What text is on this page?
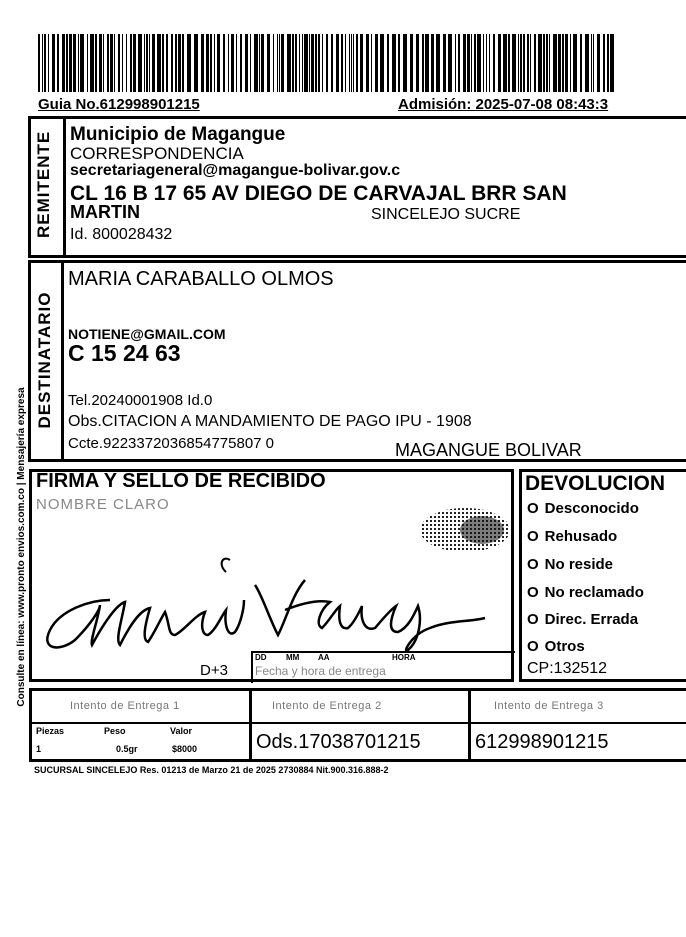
Guia No.612998901215	Admisión: 2025-07-08 08:43:3
REMITENTE Municipio de Magangue
CORRESPONDENCIA
secretariageneral@magangue-bolivar.gov.c
CL 16 B 17 65 AV DIEGO DE CARVAJAL BRR SAN
MARTIN	SINCELEJO SUCRE
Id. 800028432
DESTINATARIO
MARIA CARABALLO OLMOS
NOTIENE@GMAIL.COM
C 15 24 63
Tel.20240001908 Id.0
Obs.CITACION A MANDAMIENTO DE PAGO IPU - 1908
Ccte.9223372036854775807 0	MAGANGUE BOLIVAR
Consulte en línea: www.pronto envios.com.co | Mensajería expresa FIRMA Y SELLO DE RECIBIDO
NOMBRE CLARO
D+3
DD MM AA	HORA
Fecha y hora de entrega
DEVOLUCION
O Desconocido
O Rehusado
O No reside
O No reclamado
O Direc. Errada
O Otros
CP:132512
Intento de Entrega 1	Intento de Entrega 2	Intento de Entrega 3
Piezas	Peso	Valor
1	0.5gr	$8000	Ods.17038701215	612998901215
SUCURSAL SINCELEJO Res. 01213 de Marzo 21 de 2025 2730884 Nit.900.316.888-2
